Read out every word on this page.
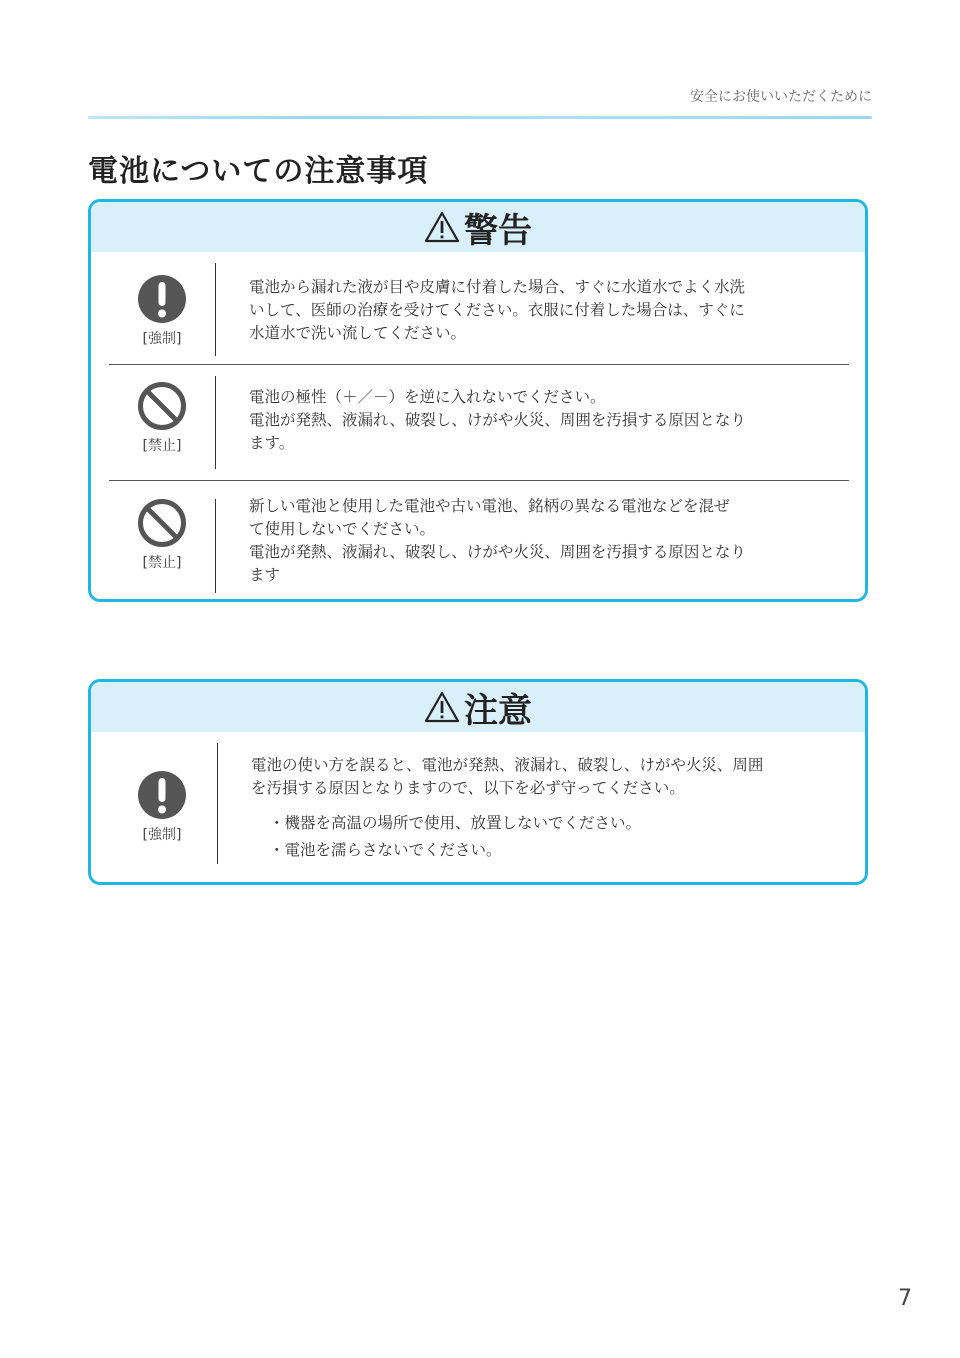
安全にお使いいただくために
電池についての注意事項
警告
[強制]

電池から漏れた液が目や皮膚に付着した場合、すぐに水道水でよく水洗

いして、医師の治療を受けてください。衣服に付着した場合は、すぐに

水道水で洗い流してください。

[禁止]

電池の極性（＋／－）を逆に入れないでください。

電池が発熱、液漏れ、破裂し、けがや火災、周囲を汚損する原因となり

ます。

[禁止]

新しい電池と使用した電池や古い電池、銘柄の異なる電池などを混ぜ

て使用しないでください。

電池が発熱、液漏れ、破裂し、けがや火災、周囲を汚損する原因となり

ます

注意
[強制]

電池の使い方を誤ると、電池が発熱、液漏れ、破裂し、けがや火災、周囲

を汚損する原因となりますので、以下を必ず守ってください。

・機器を高温の場所で使用、放置しないでください。
・電池を濡らさないでください。
7
